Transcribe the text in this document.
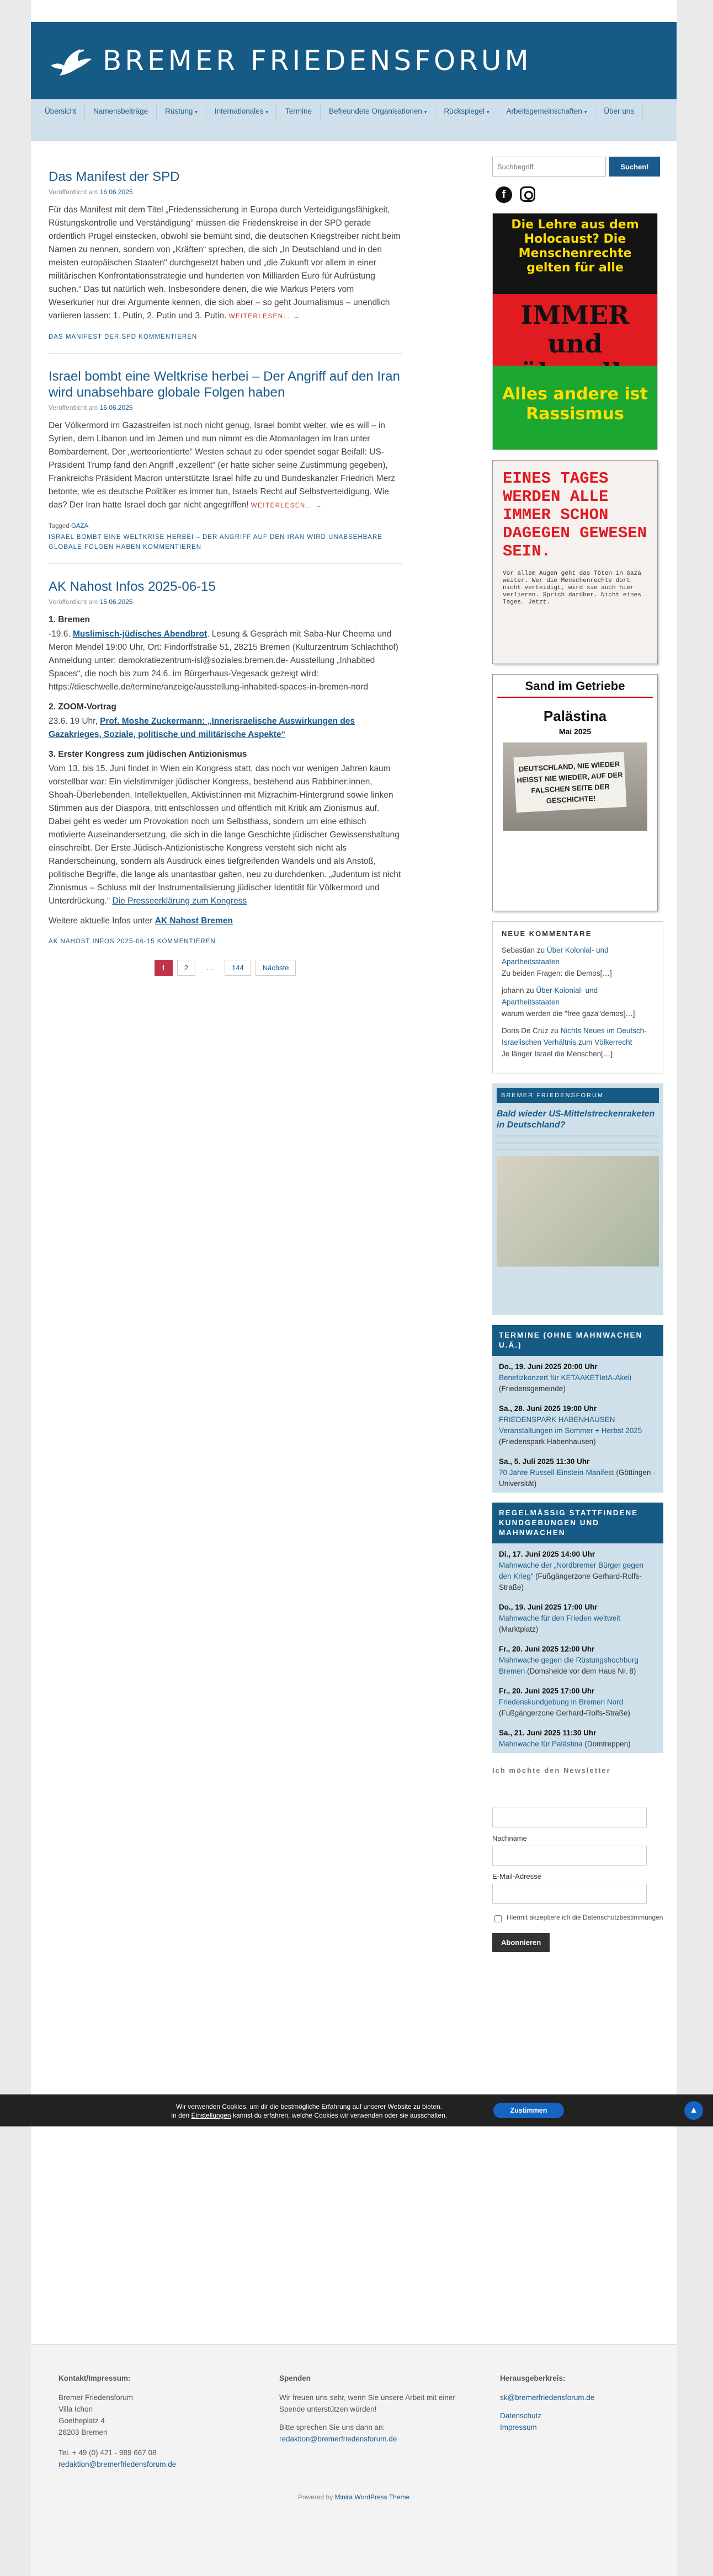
BREMER FRIEDENSFORUM
Übersicht	Namensbeiträge	Rüstung ▾	Internationales ▾	Termine	Befreundete Organisationen ▾	Rückspiegel ▾	Arbeitsgemeinschaften ▾	Über uns
Das Manifest der SPD
Veröffentlicht am 16.06.2025

Für das Manifest mit dem Titel „Friedenssicherung in Europa durch Verteidigungsfähigkeit, Rüstungskontrolle und Verständigung“ müssen die Friedenskreise in der SPD gerade ordentlich Prügel einstecken, obwohl sie bemüht sind, die deutschen Kriegstreiber nicht beim Namen zu nennen, sondern von „Kräften“ sprechen, die sich „In Deutschland und in den meisten europäischen Staaten“ durchgesetzt haben und „die Zukunft vor allem in einer militärischen Konfrontationsstrategie und hunderten von Milliarden Euro für Aufrüstung suchen.“ Das tut natürlich weh. Insbesondere denen, die wie Markus Peters vom Weserkurier nur drei Argumente kennen, die sich aber – so geht Journalismus – unendlich variieren lassen: 1. Putin, 2. Putin und 3. Putin. WEITERLESEN… →

DAS MANIFEST DER SPD KOMMENTIEREN
Israel bombt eine Weltkrise herbei – Der Angriff auf den Iran wird unabsehbare globale Folgen haben
Veröffentlicht am 16.06.2025

Der Völkermord im Gazastreifen ist noch nicht genug. Israel bombt weiter, wie es will – in Syrien, dem Libanon und im Jemen und nun nimmt es die Atomanlagen im Iran unter Bombardement. Der „werteorientierte“ Westen schaut zu oder spendet sogar Beifall: US-Präsident Trump fand den Angriff „exzellent“ (er hatte sicher seine Zustimmung gegeben), Frankreichs Präsident Macron unterstützte Israel hilfe zu und Bundeskanzler Friedrich Merz betonte, wie es deutsche Politiker es immer tun, Israels Recht auf Selbstverteidigung. Wie das? Der Iran hatte Israel doch gar nicht angegriffen! WEITERLESEN… →

Tagged GAZA
ISRAEL BOMBT EINE WELTKRISE HERBEI – DER ANGRIFF AUF DEN IRAN WIRD UNABSEHBARE GLOBALE FOLGEN HABEN KOMMENTIEREN
AK Nahost Infos 2025-06-15
Veröffentlicht am 15.06.2025

1. Bremen

-19.6. Muslimisch-jüdisches Abendbrot. Lesung & Gespräch mit Saba-Nur Cheema und Meron Mendel 19:00 Uhr, Ort: Findorffstraße 51, 28215 Bremen (Kulturzentrum Schlachthof) Anmeldung unter: demokratiezentrum-isl@soziales.bremen.de- Ausstellung „Inhabited Spaces“, die noch bis zum 24.6. im Bürgerhaus-Vegesack gezeigt wird: https://dieschwelle.de/termine/anzeige/ausstellung-inhabited-spaces-in-bremen-nord

2. ZOOM-Vortrag

23.6. 19 Uhr, Prof. Moshe Zuckermann: „Innerisraelische Auswirkungen des Gazakrieges, Soziale, politische und militärische Aspekte“

3. Erster Kongress zum jüdischen Antizionismus

Vom 13. bis 15. Juni findet in Wien ein Kongress statt, das noch vor wenigen Jahren kaum vorstellbar war: Ein vielstimmiger jüdischer Kongress, bestehend aus Rabbiner:innen, Shoah-Überlebenden, Intellektuellen, Aktivist:innen mit Mizrachim-Hintergrund sowie linken Stimmen aus der Diaspora, tritt entschlossen und öffentlich mit Kritik am Zionismus auf. Dabei geht es weder um Provokation noch um Selbsthass, sondern um eine ethisch motivierte Auseinandersetzung, die sich in die lange Geschichte jüdischer Gewissenshaltung einschreibt. Der Erste Jüdisch-Antizionistische Kongress versteht sich nicht als Randerscheinung, sondern als Ausdruck eines tiefgreifenden Wandels und als Anstoß, politische Begriffe, die lange als unantastbar galten, neu zu durchdenken. „Judentum ist nicht Zionismus – Schluss mit der Instrumentalisierung jüdischer Identität für Völkermord und Unterdrückung.“ Die Presseerklärung zum Kongress

Weitere aktuelle Infos unter AK Nahost Bremen

AK NAHOST INFOS 2025-06-15 KOMMENTIEREN
1	2	…	144	Nächste
Suchbegriff
Suchen!
f
Die Lehre aus dem Holocaust? Die Menschenrechte gelten für alle
IMMER und
Alles andere ist Rassismus
EINES TAGES WERDEN ALLE IMMER SCHON DAGEGEN GEWESEN SEIN.
Vor allem Augen geht das Töten in Gaza weiter. Wer die Menschenrechte dort nicht verteidigt, wird sie auch hier verlieren. Sprich darüber. Nicht eines Tages. Jetzt.
Sand im Getriebe
Palästina
Mai 2025
DEUTSCHLAND, NIE WIEDER HEISST NIE WIEDER, AUF DER FALSCHEN SEITE DER GESCHICHTE!
NEUE KOMMENTARE
Sebastian zu Über Kolonial- und Apartheitsstaaten
Zu beiden Fragen: die Demos[…]
johann zu Über Kolonial- und Apartheitsstaaten
warum werden die "free gaza"demos[…]
Doris De Cruz zu Nichts Neues im Deutsch-Israelischen Verhältnis zum Völkerrecht
Je länger Israel die Menschen[…]
BREMER FRIEDENSFORUM
Bald wieder US-Mittelstreckenraketen in Deutschland?
TERMINE (OHNE MAHNWACHEN U.Ä.)
Do., 19. Juni 2025 20:00 Uhr
Benefizkonzert für KETAAKETIetA-Akeli (Friedensgemeinde)
Sa., 28. Juni 2025 19:00 Uhr
FRIEDENSPARK HABENHAUSEN Veranstaltungen im Sommer + Herbst 2025 (Friedenspark Habenhausen)
Sa., 5. Juli 2025 11:30 Uhr
70 Jahre Russell-Einstein-Manifest (Göttingen - Universität)
REGELMÄSSIG STATTFINDENE KUNDGEBUNGEN UND MAHNWACHEN
Di., 17. Juni 2025 14:00 Uhr
Mahnwache der „Nordbremer Bürger gegen den Krieg“ (Fußgängerzone Gerhard-Rolfs-Straße)
Do., 19. Juni 2025 17:00 Uhr
Mahnwache für den Frieden weltweit (Marktplatz)
Fr., 20. Juni 2025 12:00 Uhr
Mahnwache gegen die Rüstungshochburg Bremen (Domsheide vor dem Haus Nr. 8)
Fr., 20. Juni 2025 17:00 Uhr
Friedenskundgebung in Bremen Nord (Fußgängerzone Gerhard-Rolfs-Straße)
Sa., 21. Juni 2025 11:30 Uhr
Mahnwache für Palästina (Domtreppen)
Ich möchte den Newsletter
Nachname
E-Mail-Adresse
Hiermit akzeptiere ich die Datenschutzbestimmungen
Abonnieren
Kontakt/Impressum:
Bremer Friedensforum
Villa Ichon
Goetheplatz 4
28203 Bremen
Tel. + 49 (0) 421 - 989 667 08
redaktion@bremerfriedensforum.de
Spenden
Wir freuen uns sehr, wenn Sie unsere Arbeit mit einer Spende unterstützen würden!
Bitte sprechen Sie uns dann an:
redaktion@bremerfriedensforum.de
Herausgeberkreis:
sk@bremerfriedensforum.de
Datenschutz
Impressum
Powered by Minira WordPress Theme
Wir verwenden Cookies, um dir die bestmögliche Erfahrung auf unserer Website zu bieten.
In den Einstellungen kannst du erfahren, welche Cookies wir verwenden oder sie ausschalten.
Zustimmen	▲
